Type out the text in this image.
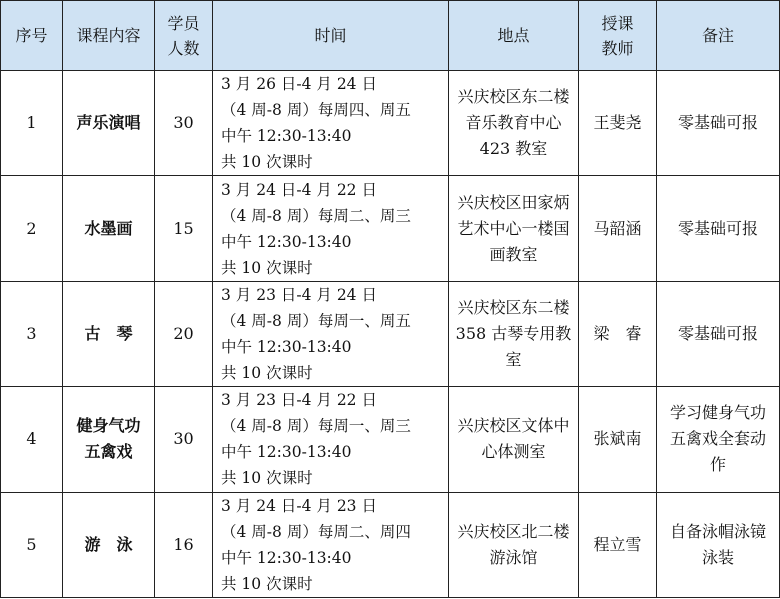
序号	课程内容	学员
人数	时间	地点	授课
教师	备注
1	声乐演唱	30	3 月 26 日-4 月 24 日
（4 周-8 周）每周四、周五
中午 12:30-13:40
共 10 次课时	兴庆校区东二楼音乐教育中心 423 教室	王斐尧	零基础可报
2	水墨画	15	3 月 24 日-4 月 22 日
（4 周-8 周）每周二、周三
中午 12:30-13:40
共 10 次课时	兴庆校区田家炳艺术中心一楼国画教室	马韶涵	零基础可报
3	古　琴	20	3 月 23 日-4 月 24 日
（4 周-8 周）每周一、周五
中午 12:30-13:40
共 10 次课时	兴庆校区东二楼 358 古琴专用教室	梁　睿	零基础可报
4	健身气功
五禽戏	30	3 月 23 日-4 月 22 日
（4 周-8 周）每周一、周三
中午 12:30-13:40
共 10 次课时	兴庆校区文体中心体测室	张斌南	学习健身气功五禽戏全套动作
5	游　泳	16	3 月 24 日-4 月 23 日
（4 周-8 周）每周二、周四
中午 12:30-13:40
共 10 次课时	兴庆校区北二楼游泳馆	程立雪	自备泳帽泳镜泳装
